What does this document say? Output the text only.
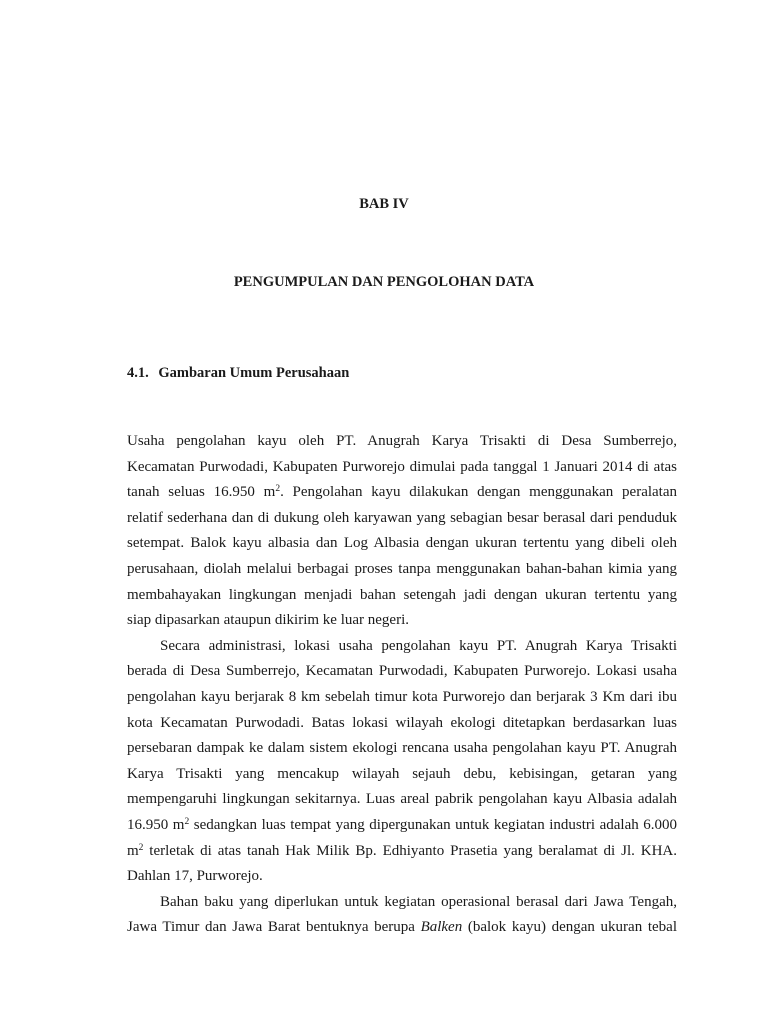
BAB IV
PENGUMPULAN DAN PENGOLOHAN DATA
4.1. Gambaran Umum Perusahaan
Usaha pengolahan kayu oleh PT. Anugrah Karya Trisakti di Desa Sumberrejo,
Kecamatan Purwodadi, Kabupaten Purworejo dimulai pada tanggal 1 Januari 2014 di atas
tanah seluas 16.950 $m^2$. Pengolahan kayu dilakukan dengan menggunakan peralatan
relatif sederhana dan di dukung oleh karyawan yang sebagian besar berasal dari penduduk
setempat. Balok kayu albasia dan Log Albasia dengan ukuran tertentu yang dibeli oleh
perusahaan, diolah melalui berbagai proses tanpa menggunakan bahan-bahan kimia yang
membahayakan lingkungan menjadi bahan setengah jadi dengan ukuran tertentu yang
siap dipasarkan ataupun dikirim ke luar negeri.
Secara administrasi, lokasi usaha pengolahan kayu PT. Anugrah Karya Trisakti
berada di Desa Sumberrejo, Kecamatan Purwodadi, Kabupaten Purworejo. Lokasi usaha
pengolahan kayu berjarak 8 km sebelah timur kota Purworejo dan berjarak 3 Km dari ibu
kota Kecamatan Purwodadi. Batas lokasi wilayah ekologi ditetapkan berdasarkan luas
persebaran dampak ke dalam sistem ekologi rencana usaha pengolahan kayu PT. Anugrah
Karya Trisakti yang mencakup wilayah sejauh debu, kebisingan, getaran yang
mempengaruhi lingkungan sekitarnya. Luas areal pabrik pengolahan kayu Albasia adalah
16.950 $m^2$ sedangkan luas tempat yang dipergunakan untuk kegiatan industri adalah 6.000
$m^2$ terletak di atas tanah Hak Milik Bp. Edhiyanto Prasetia yang beralamat di Jl. KHA.
Dahlan 17, Purworejo.
Bahan baku yang diperlukan untuk kegiatan operasional berasal dari Jawa Tengah,
Jawa Timur dan Jawa Barat bentuknya berupa Balken (balok kayu) dengan ukuran tebal
